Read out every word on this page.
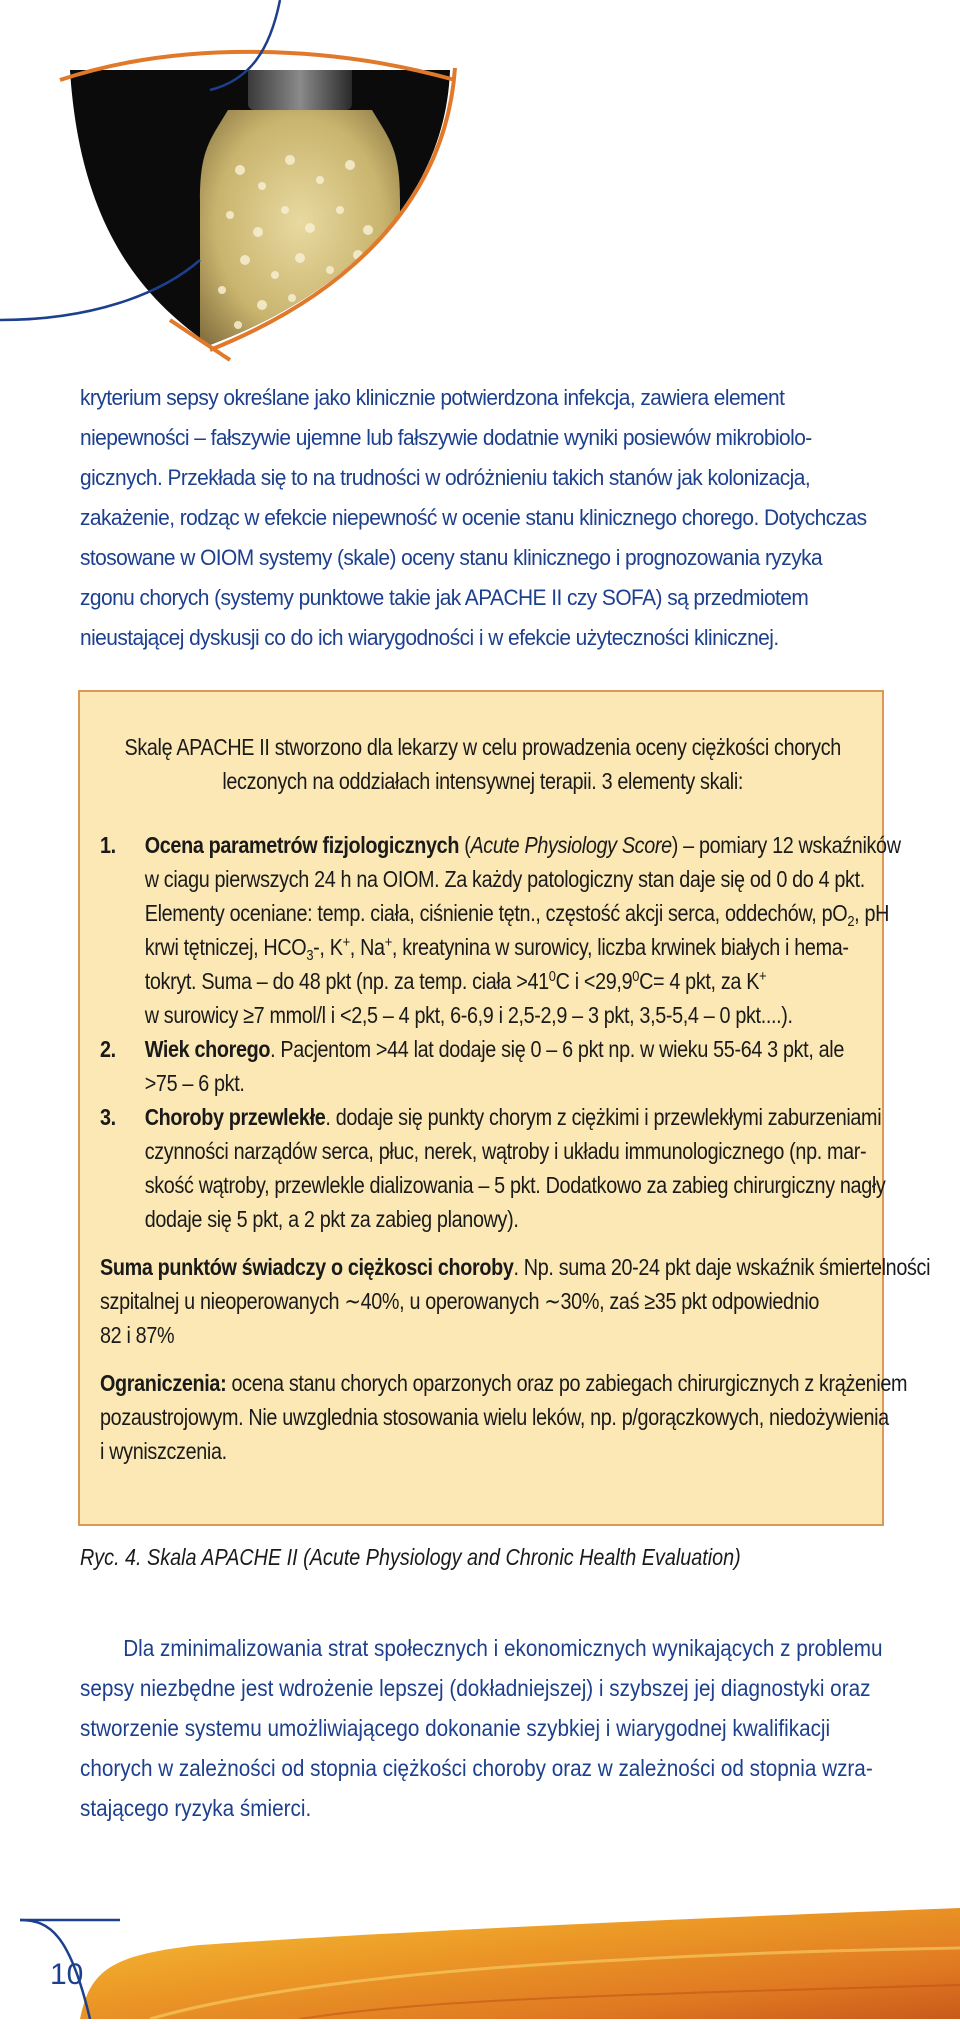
kryterium sepsy określane jako klinicznie potwierdzona infekcja, zawiera element
niepewności – fałszywie ujemne lub fałszywie dodatnie wyniki posiewów mikrobiolo-
gicznych. Przekłada się to na trudności w odróżnieniu takich stanów jak kolonizacja,
zakażenie, rodząc w efekcie niepewność w ocenie stanu klinicznego chorego. Dotychczas
stosowane w OIOM systemy (skale) oceny stanu klinicznego i prognozowania ryzyka
zgonu chorych (systemy punktowe takie jak APACHE II czy SOFA) są przedmiotem
nieustającej dyskusji co do ich wiarygodności i w efekcie użyteczności klinicznej.
Skalę APACHE II stworzono dla lekarzy w celu prowadzenia oceny ciężkości chorych
leczonych na oddziałach intensywnej terapii. 3 elementy skali:
1. Ocena parametrów fizjologicznych (Acute Physiology Score) – pomiary 12 wskaźników
w ciagu pierwszych 24 h na OIOM. Za każdy patologiczny stan daje się od 0 do 4 pkt.
Elementy oceniane: temp. ciała, ciśnienie tętn., częstość akcji serca, oddechów, $pO_2$, pH
krwi tętniczej, $HCO_3-$, K+, Na+, kreatynina w surowicy, liczba krwinek białych i hema-
tokryt. Suma – do 48 pkt (np. za temp. ciała $>41^0C$ $i <29,9^0C= 4$ pkt, za K+
w surowicy ≥7 mmol/l i <2,5 – 4 pkt, 6-6,9 i 2,5-2,9 – 3 pkt, 3,5-5,4 – 0 pkt....).
2. Wiek chorego. Pacjentom >44 lat dodaje się 0 – 6 pkt np. w wieku 55-64 3 pkt, ale
>75 – 6 pkt.
3. Choroby przewlekłe. dodaje się punkty chorym z ciężkimi i przewlekłymi zaburzeniami
czynności narządów serca, płuc, nerek, wątroby i układu immunologicznego (np. mar-
skość wątroby, przewlekle dializowania – 5 pkt. Dodatkowo za zabieg chirurgiczny nagły
dodaje się 5 pkt, a 2 pkt za zabieg planowy).
Suma punktów świadczy o ciężkosci choroby. Np. suma 20-24 pkt daje wskaźnik śmiertelności
szpitalnej u nieoperowanych ∼40%, u operowanych ∼30%, zaś ≥35 pkt odpowiednio
82 i 87%
Ograniczenia: ocena stanu chorych oparzonych oraz po zabiegach chirurgicznych z krążeniem
pozaustrojowym. Nie uwzglednia stosowania wielu leków, np. p/gorączkowych, niedożywienia
i wyniszczenia.
Ryc. 4. Skala APACHE II (Acute Physiology and Chronic Health Evaluation)
Dla zminimalizowania strat społecznych i ekonomicznych wynikających z problemu
sepsy niezbędne jest wdrożenie lepszej (dokładniejszej) i szybszej jej diagnostyki oraz
stworzenie systemu umożliwiającego dokonanie szybkiej i wiarygodnej kwalifikacji
chorych w zależności od stopnia ciężkości choroby oraz w zależności od stopnia wzra-
stającego ryzyka śmierci.
10
